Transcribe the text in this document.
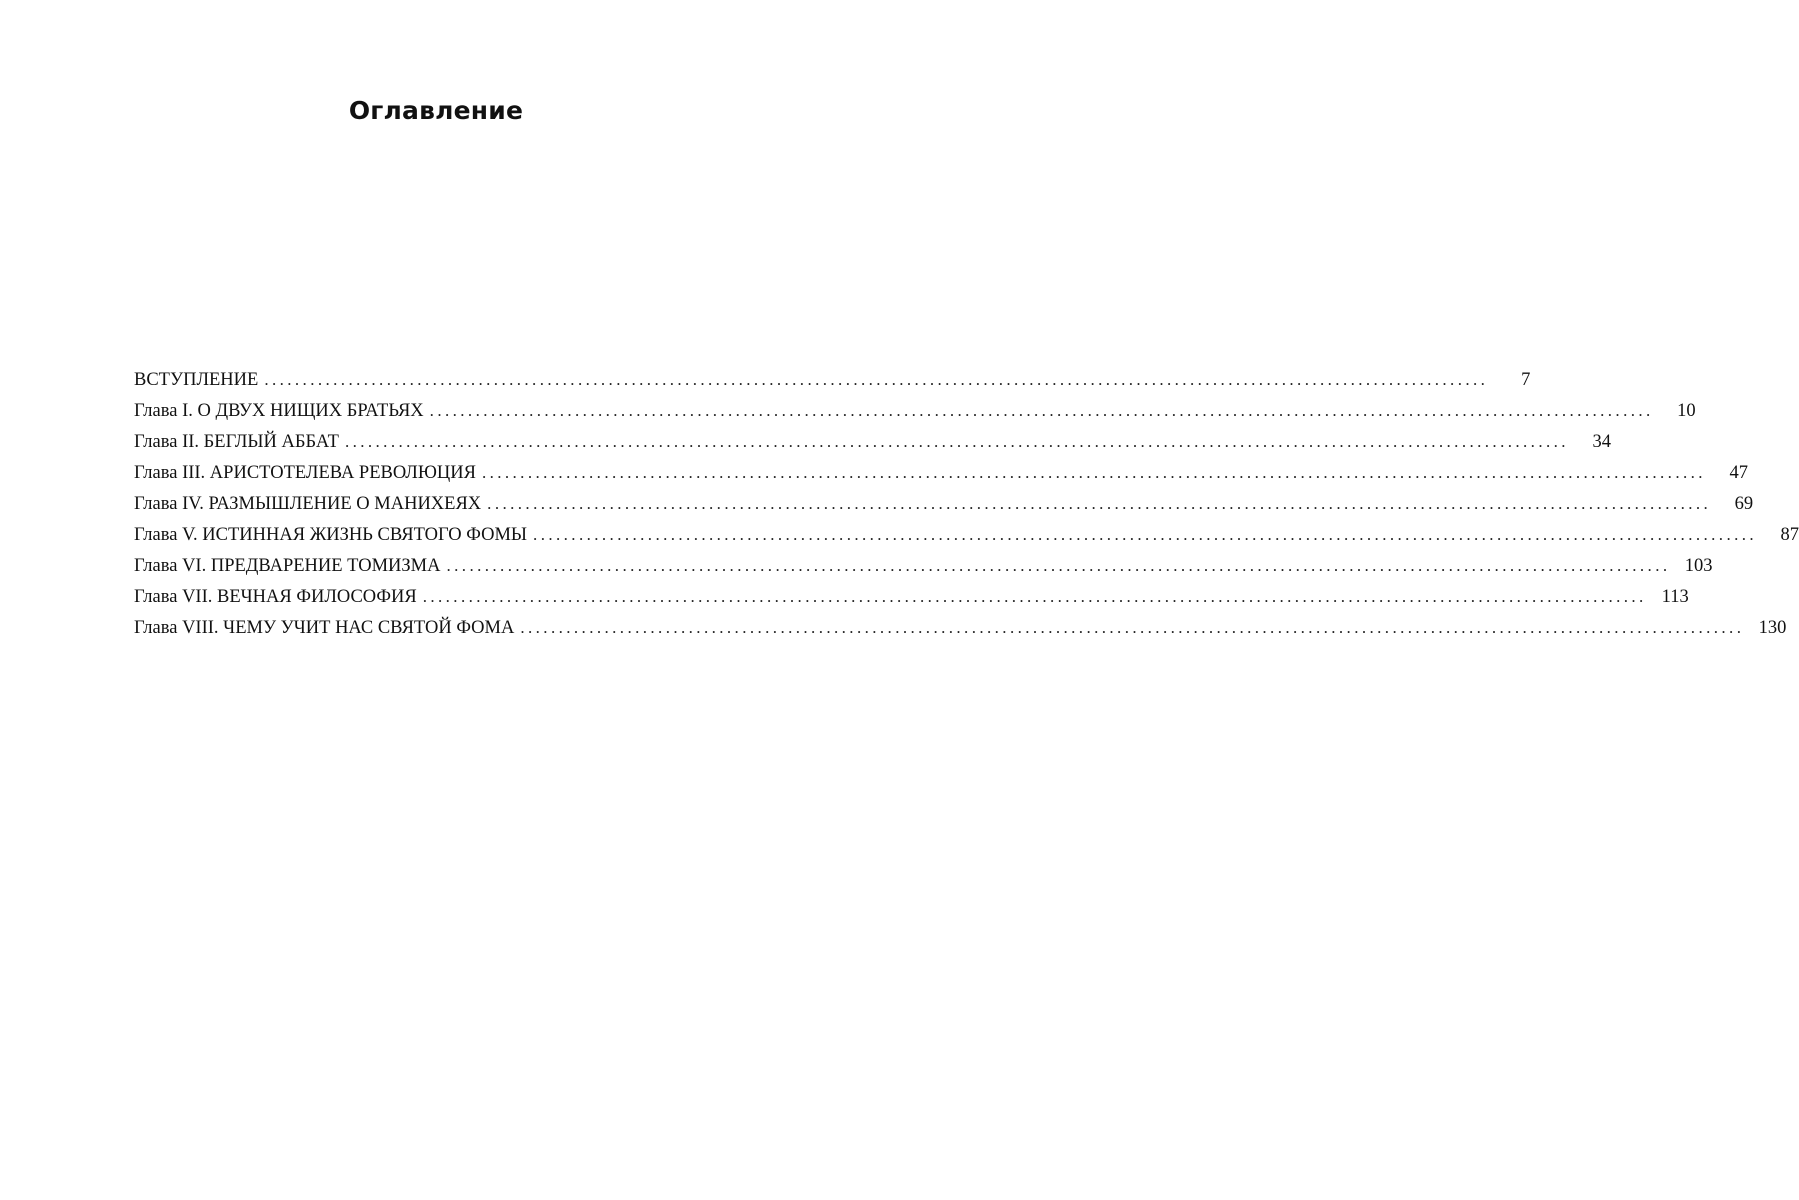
Оглавление
ВСТУПЛЕНИЕ ................................................................................................................................................................	7
Глава I. О ДВУХ НИЩИХ БРАТЬЯХ ................................................................................................................................................................	10
Глава II. БЕГЛЫЙ АББАТ ................................................................................................................................................................	34
Глава III. АРИСТОТЕЛЕВА РЕВОЛЮЦИЯ ................................................................................................................................................................	47
Глава IV. РАЗМЫШЛЕНИЕ О МАНИХЕЯХ ................................................................................................................................................................	69
Глава V. ИСТИННАЯ ЖИЗНЬ СВЯТОГО ФОМЫ ................................................................................................................................................................	87
Глава VI. ПРЕДВАРЕНИЕ ТОМИЗМА ................................................................................................................................................................ 103
Глава VII. ВЕЧНАЯ ФИЛОСОФИЯ ................................................................................................................................................................ 113
Глава VIII. ЧЕМУ УЧИТ НАС СВЯТОЙ ФОМА ................................................................................................................................................................ 130
